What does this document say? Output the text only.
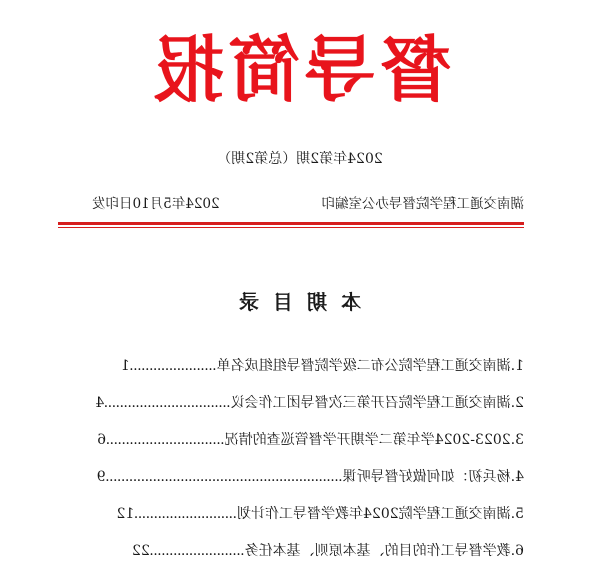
督导简报
2024年第2期（总第2期）
湖南交通工程学院督导办公室编印
2024年5月10日印发
本期目录
1.
湖南交通工程学院公布二级学院督导组组成名单
......................
1
2.
湖南交通工程学院召开第三次督导团工作会议
................................
4
3.
2023-2024学年第二学期开学督管巡查的情况
..............................
6
4.
杨兵初：如何做好督导听课
............................................................
9
5.
湖南交通工程学院2024年教学督导工作计划
..........................
12
6.
教学督导工作的目的、基本原则、基本任务
........................
22
